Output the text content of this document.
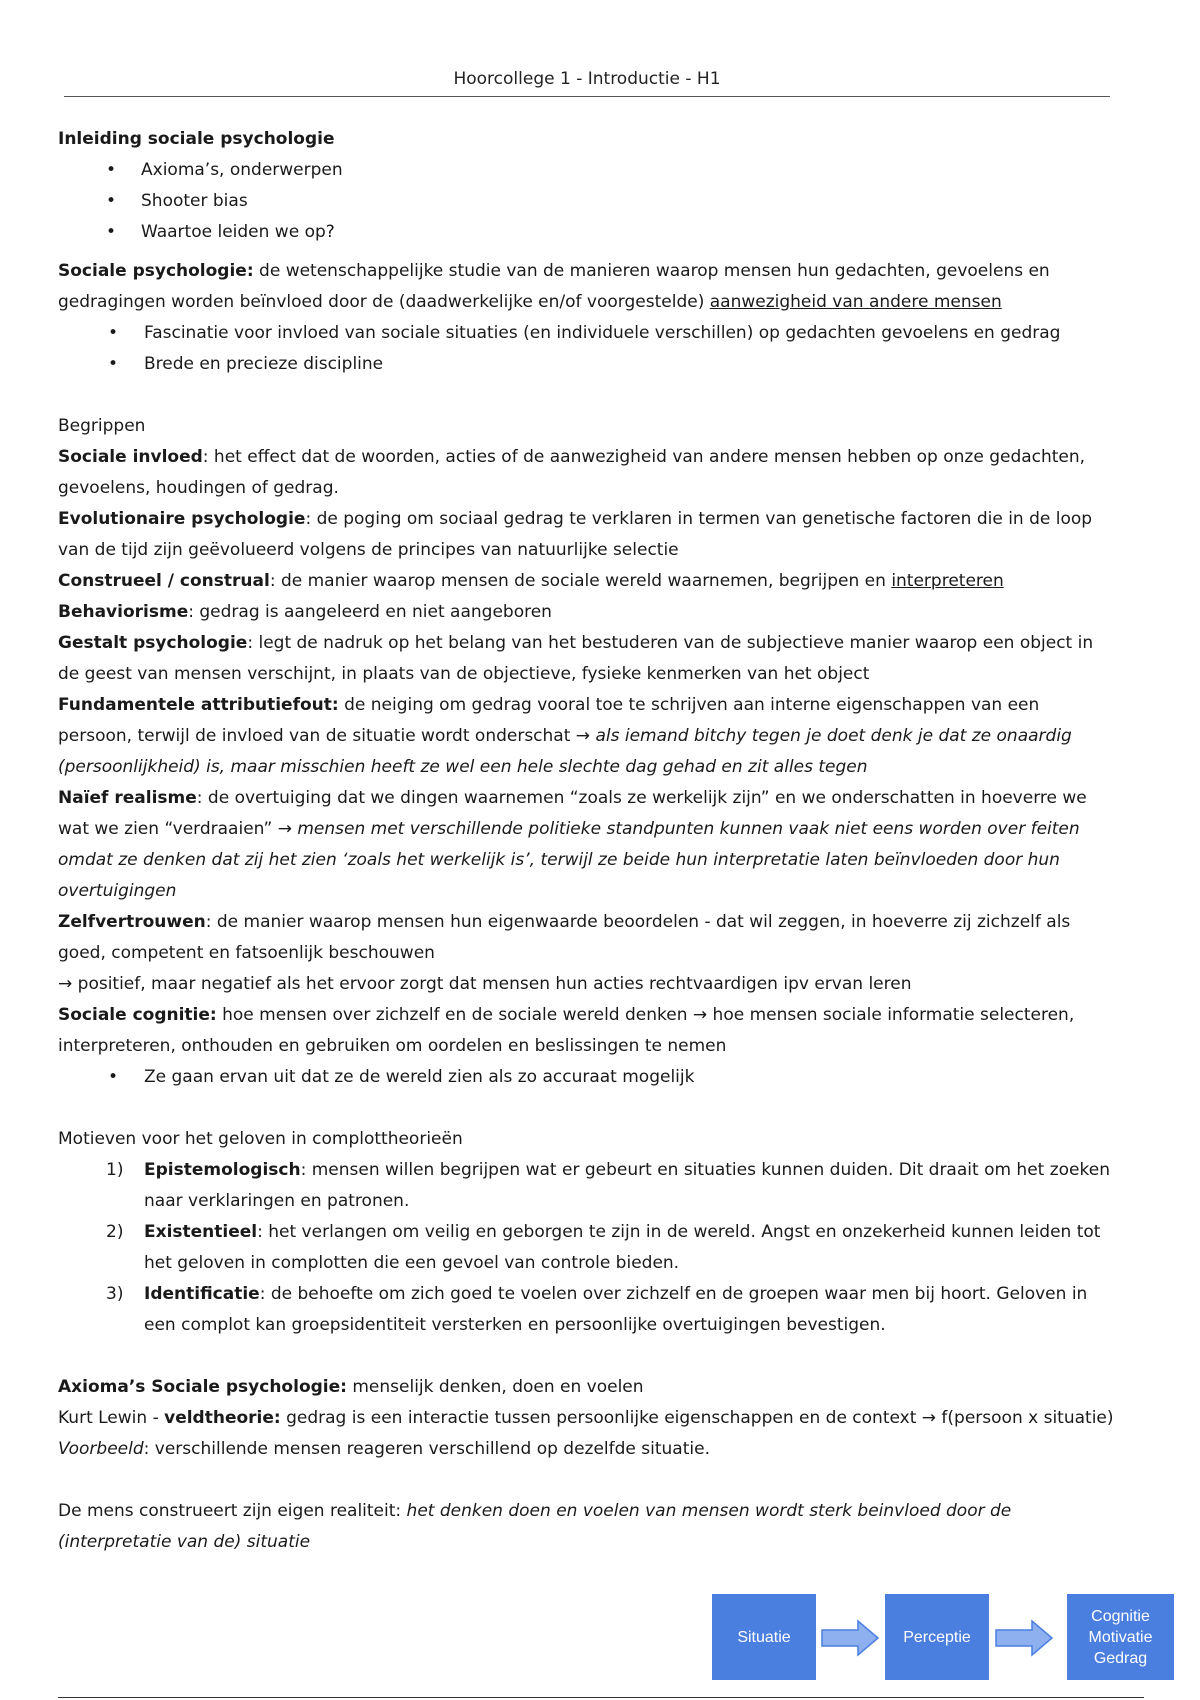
Hoorcollege 1 - Introductie - H1

Inleiding sociale psychologie

• Axioma’s, onderwerpen
• Shooter bias
• Waartoe leiden we op?

Sociale psychologie: de wetenschappelijke studie van de manieren waarop mensen hun gedachten, gevoelens en gedragingen worden beïnvloed door de (daadwerkelijke en/of voorgestelde) aanwezigheid van andere mensen

• Fascinatie voor invloed van sociale situaties (en individuele verschillen) op gedachten gevoelens en gedrag
• Brede en precieze discipline

Begrippen

Sociale invloed: het effect dat de woorden, acties of de aanwezigheid van andere mensen hebben op onze gedachten, gevoelens, houdingen of gedrag.

Evolutionaire psychologie: de poging om sociaal gedrag te verklaren in termen van genetische factoren die in de loop van de tijd zijn geëvolueerd volgens de principes van natuurlijke selectie

Construeel / construal: de manier waarop mensen de sociale wereld waarnemen, begrijpen en interpreteren

Behaviorisme: gedrag is aangeleerd en niet aangeboren

Gestalt psychologie: legt de nadruk op het belang van het bestuderen van de subjectieve manier waarop een object in de geest van mensen verschijnt, in plaats van de objectieve, fysieke kenmerken van het object

Fundamentele attributiefout: de neiging om gedrag vooral toe te schrijven aan interne eigenschappen van een persoon, terwijl de invloed van de situatie wordt onderschat → als iemand bitchy tegen je doet denk je dat ze onaardig (persoonlijkheid) is, maar misschien heeft ze wel een hele slechte dag gehad en zit alles tegen

Naïef realisme: de overtuiging dat we dingen waarnemen “zoals ze werkelijk zijn” en we onderschatten in hoeverre we wat we zien “verdraaien” → mensen met verschillende politieke standpunten kunnen vaak niet eens worden over feiten omdat ze denken dat zij het zien ‘zoals het werkelijk is’, terwijl ze beide hun interpretatie laten beïnvloeden door hun overtuigingen

Zelfvertrouwen: de manier waarop mensen hun eigenwaarde beoordelen - dat wil zeggen, in hoeverre zij zichzelf als goed, competent en fatsoenlijk beschouwen

→ positief, maar negatief als het ervoor zorgt dat mensen hun acties rechtvaardigen ipv ervan leren

Sociale cognitie: hoe mensen over zichzelf en de sociale wereld denken → hoe mensen sociale informatie selecteren, interpreteren, onthouden en gebruiken om oordelen en beslissingen te nemen

• Ze gaan ervan uit dat ze de wereld zien als zo accuraat mogelijk

Motieven voor het geloven in complottheorieën

1) Epistemologisch: mensen willen begrijpen wat er gebeurt en situaties kunnen duiden. Dit draait om het zoeken naar verklaringen en patronen.
2) Existentieel: het verlangen om veilig en geborgen te zijn in de wereld. Angst en onzekerheid kunnen leiden tot het geloven in complotten die een gevoel van controle bieden.
3) Identificatie: de behoefte om zich goed te voelen over zichzelf en de groepen waar men bij hoort. Geloven in een complot kan groepsidentiteit versterken en persoonlijke overtuigingen bevestigen.

Axioma’s Sociale psychologie: menselijk denken, doen en voelen

Kurt Lewin - veldtheorie: gedrag is een interactie tussen persoonlijke eigenschappen en de context → f(persoon x situatie) Voorbeeld: verschillende mensen reageren verschillend op dezelfde situatie.

De mens construeert zijn eigen realiteit: het denken doen en voelen van mensen wordt sterk beinvloed door de (interpretatie van de) situatie

Situatie	Perceptie
Cognitie
Motivatie
Gedrag
